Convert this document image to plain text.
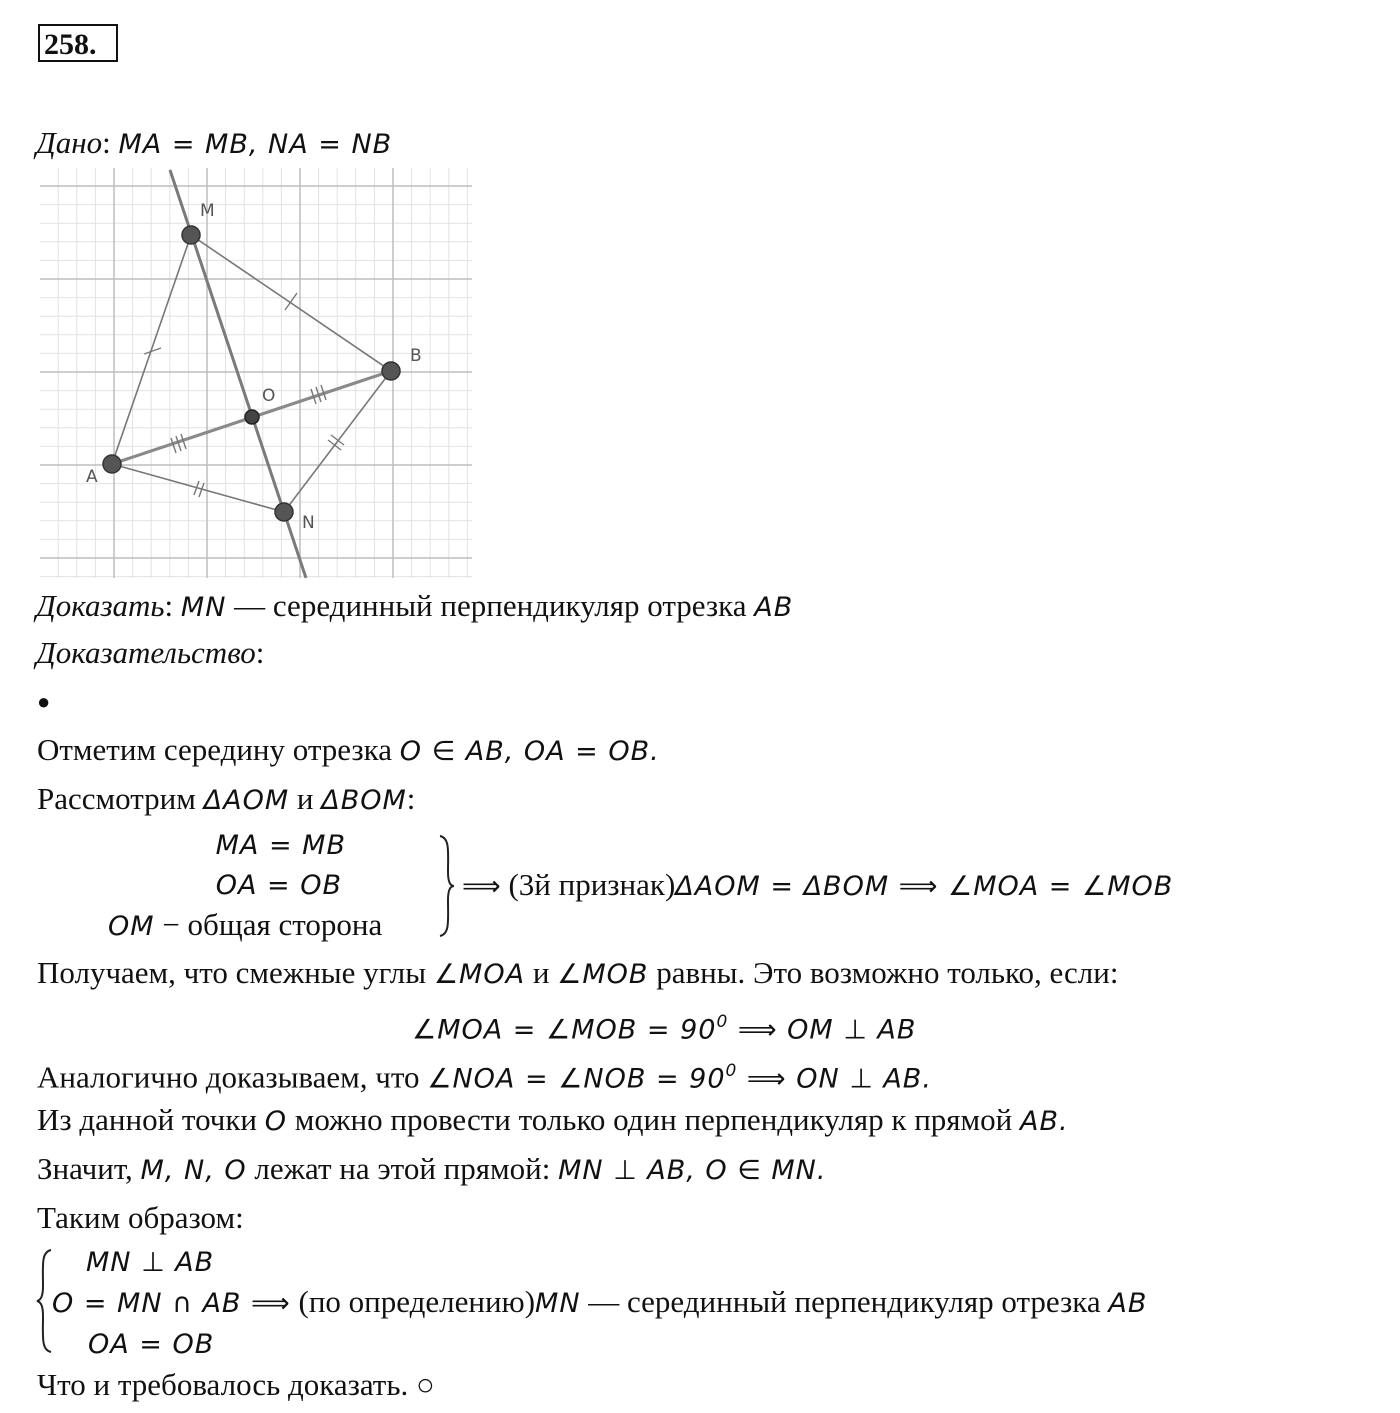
258.
Дано: MA = MB, NA = NB
M
B
O
A
N
Доказать: MN — серединный перпендикуляр отрезка AB
Доказательство:
●
Отметим середину отрезка O ∈ AB, OA = OB.
Рассмотрим ΔAOM и ΔBOM:
MA = MB
OA = OB
OM − общая сторона
⟹ (3й признак)ΔAOM = ΔBOM ⟹ ∠MOA = ∠MOB
Получаем, что смежные углы ∠MOA и ∠MOB равны. Это возможно только, если:
∠MOA = ∠MOB = $90^0$ ⟹ OM ⊥ AB
Аналогично доказываем, что ∠NOA = ∠NOB = $90^0$ ⟹ ON ⊥ AB.
Из данной точки O можно провести только один перпендикуляр к прямой AB.
Значит, M, N, O лежат на этой прямой: MN ⊥ AB, O ∈ MN.
Таким образом:
MN ⊥ AB
O = MN ∩ AB ⟹ (по определению)MN — серединный перпендикуляр отрезка AB
OA = OB
Что и требовалось доказать. ○
